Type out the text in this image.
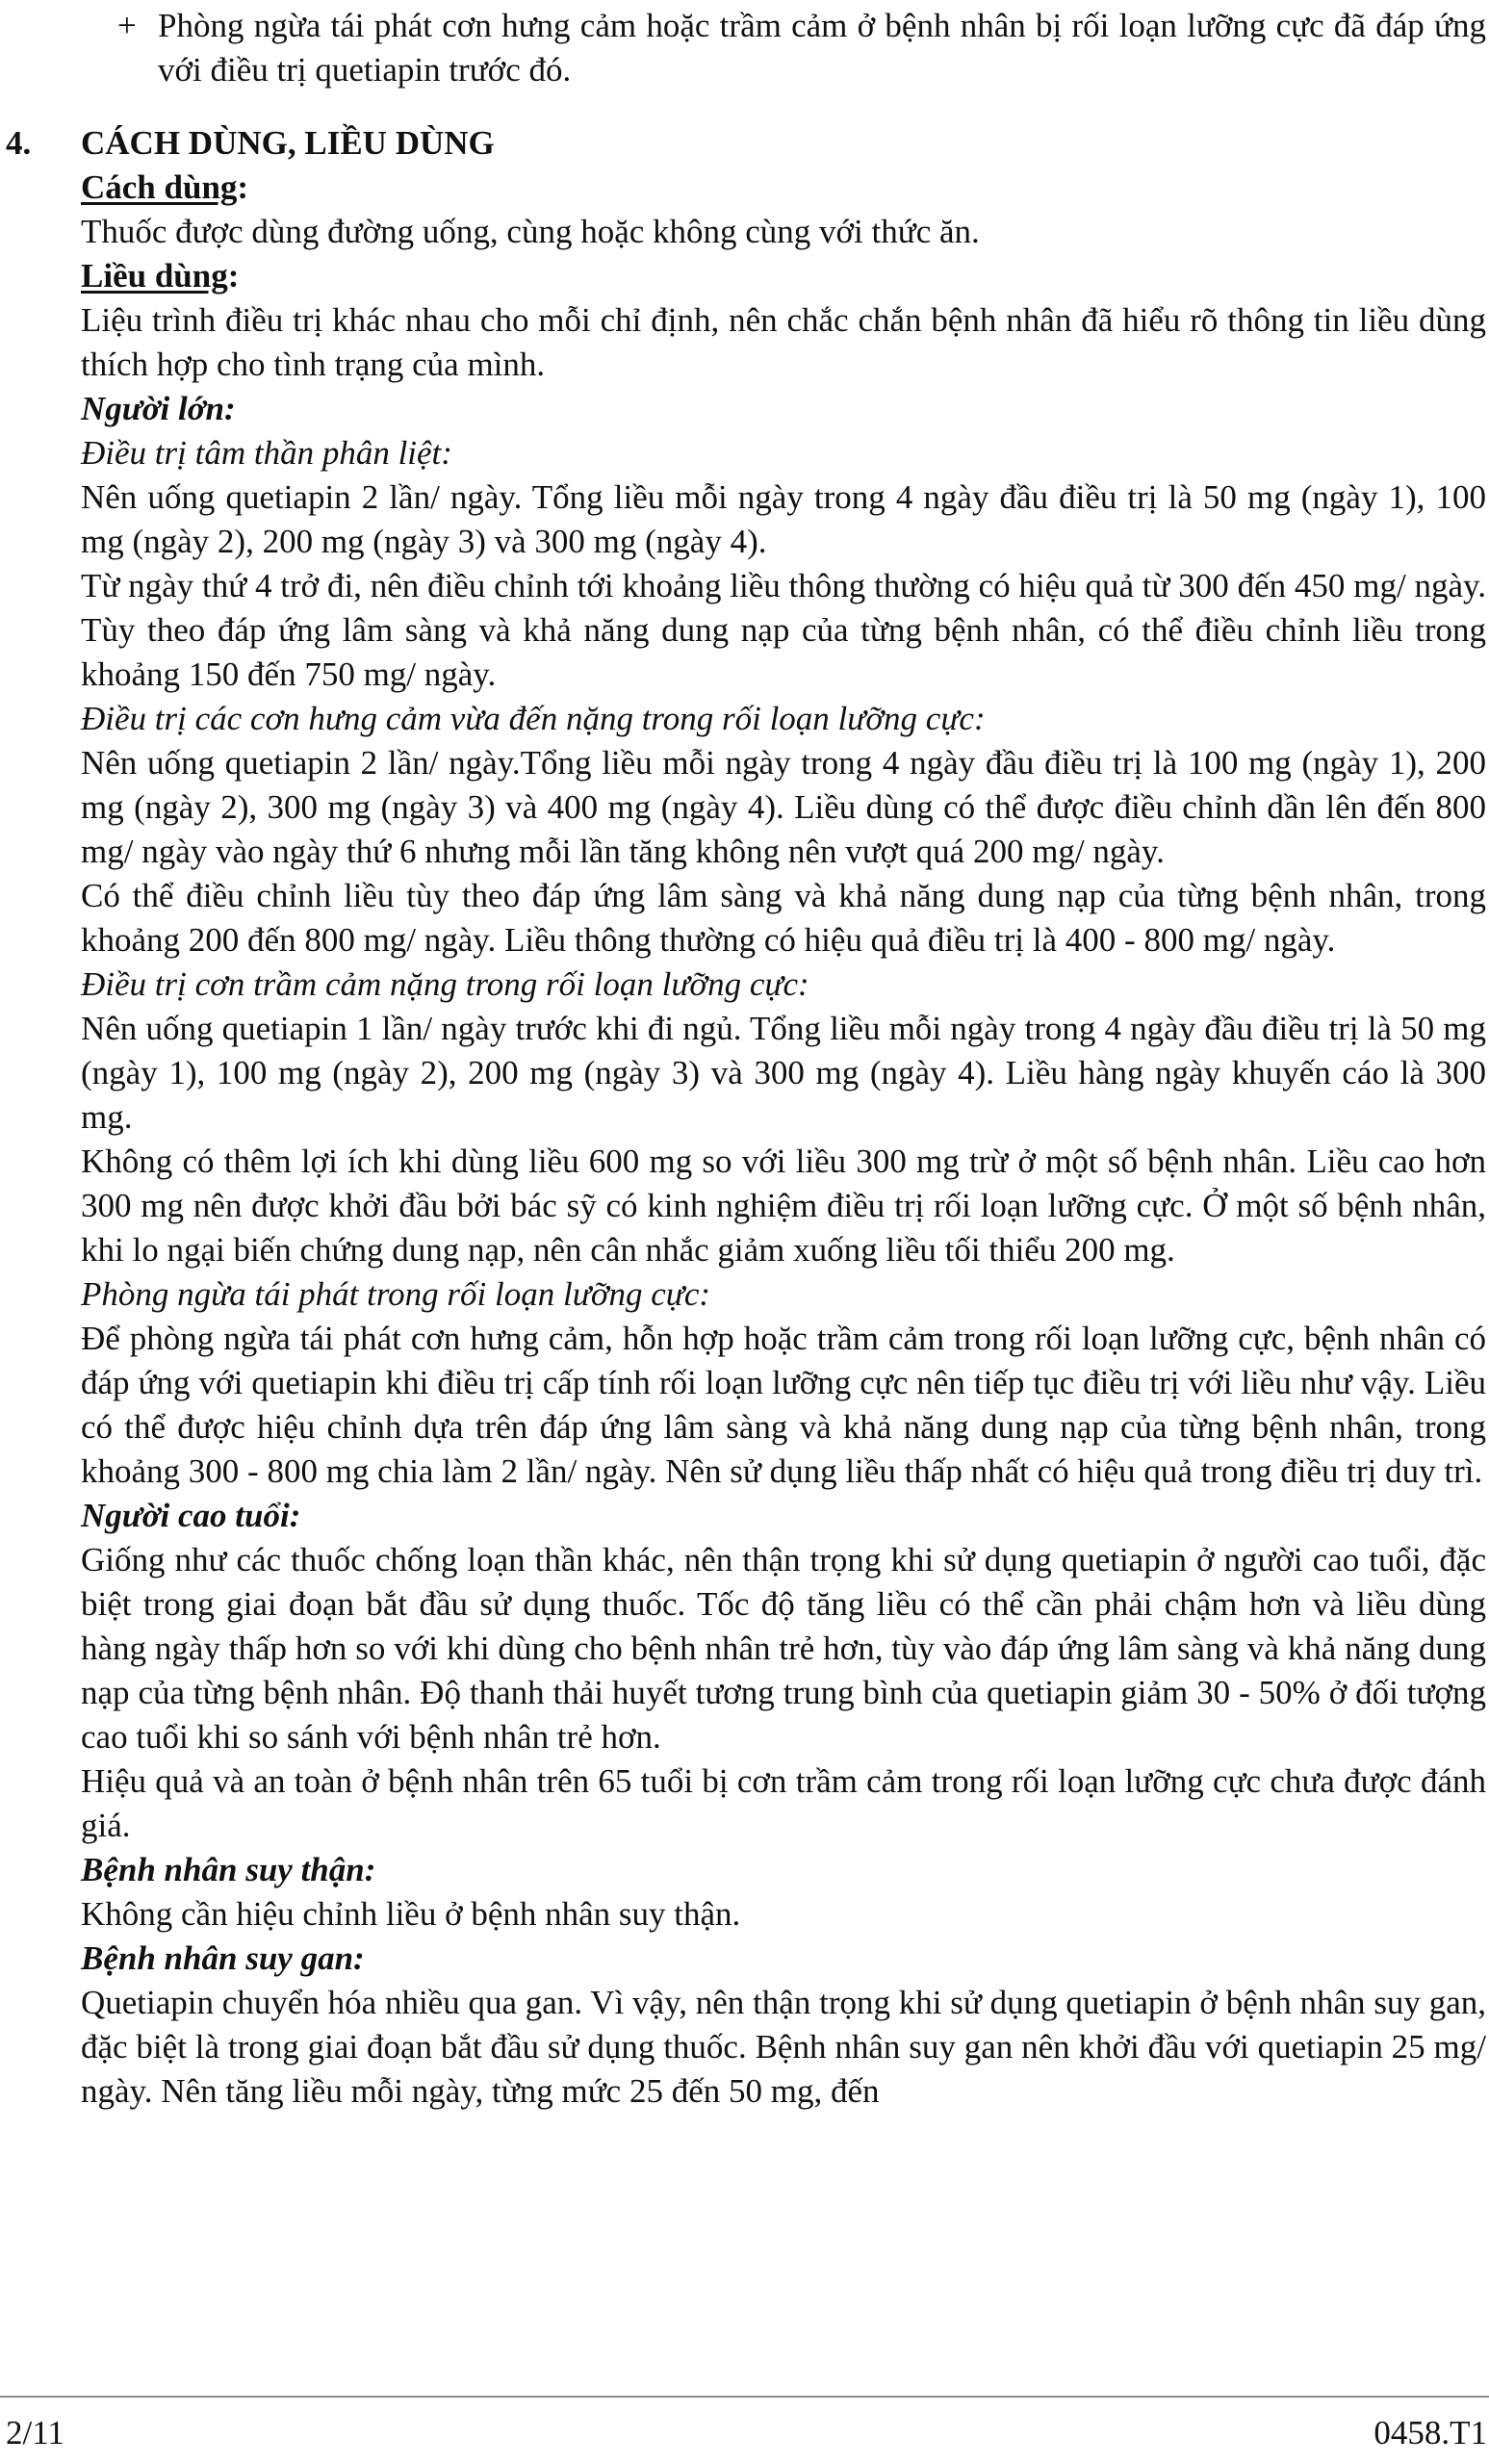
+ Phòng ngừa tái phát cơn hưng cảm hoặc trầm cảm ở bệnh nhân bị rối loạn lưỡng cực đã đáp ứng với điều trị quetiapin trước đó.

4. CÁCH DÙNG, LIỀU DÙNG

Cách dùng:

Thuốc được dùng đường uống, cùng hoặc không cùng với thức ăn.

Liều dùng:

Liệu trình điều trị khác nhau cho mỗi chỉ định, nên chắc chắn bệnh nhân đã hiểu rõ thông tin liều dùng thích hợp cho tình trạng của mình.

Người lớn:

Điều trị tâm thần phân liệt:

Nên uống quetiapin 2 lần/ ngày. Tổng liều mỗi ngày trong 4 ngày đầu điều trị là 50 mg (ngày 1), 100 mg (ngày 2), 200 mg (ngày 3) và 300 mg (ngày 4).

Từ ngày thứ 4 trở đi, nên điều chỉnh tới khoảng liều thông thường có hiệu quả từ 300 đến 450 mg/ ngày. Tùy theo đáp ứng lâm sàng và khả năng dung nạp của từng bệnh nhân, có thể điều chỉnh liều trong khoảng 150 đến 750 mg/ ngày.

Điều trị các cơn hưng cảm vừa đến nặng trong rối loạn lưỡng cực:

Nên uống quetiapin 2 lần/ ngày.Tổng liều mỗi ngày trong 4 ngày đầu điều trị là 100 mg (ngày 1), 200 mg (ngày 2), 300 mg (ngày 3) và 400 mg (ngày 4). Liều dùng có thể được điều chỉnh dần lên đến 800 mg/ ngày vào ngày thứ 6 nhưng mỗi lần tăng không nên vượt quá 200 mg/ ngày.

Có thể điều chỉnh liều tùy theo đáp ứng lâm sàng và khả năng dung nạp của từng bệnh nhân, trong khoảng 200 đến 800 mg/ ngày. Liều thông thường có hiệu quả điều trị là 400 - 800 mg/ ngày.

Điều trị cơn trầm cảm nặng trong rối loạn lưỡng cực:

Nên uống quetiapin 1 lần/ ngày trước khi đi ngủ. Tổng liều mỗi ngày trong 4 ngày đầu điều trị là 50 mg (ngày 1), 100 mg (ngày 2), 200 mg (ngày 3) và 300 mg (ngày 4). Liều hàng ngày khuyến cáo là 300 mg.

Không có thêm lợi ích khi dùng liều 600 mg so với liều 300 mg trừ ở một số bệnh nhân. Liều cao hơn 300 mg nên được khởi đầu bởi bác sỹ có kinh nghiệm điều trị rối loạn lưỡng cực. Ở một số bệnh nhân, khi lo ngại biến chứng dung nạp, nên cân nhắc giảm xuống liều tối thiểu 200 mg.

Phòng ngừa tái phát trong rối loạn lưỡng cực:

Để phòng ngừa tái phát cơn hưng cảm, hỗn hợp hoặc trầm cảm trong rối loạn lưỡng cực, bệnh nhân có đáp ứng với quetiapin khi điều trị cấp tính rối loạn lưỡng cực nên tiếp tục điều trị với liều như vậy. Liều có thể được hiệu chỉnh dựa trên đáp ứng lâm sàng và khả năng dung nạp của từng bệnh nhân, trong khoảng 300 - 800 mg chia làm 2 lần/ ngày. Nên sử dụng liều thấp nhất có hiệu quả trong điều trị duy trì.

Người cao tuổi:

Giống như các thuốc chống loạn thần khác, nên thận trọng khi sử dụng quetiapin ở người cao tuổi, đặc biệt trong giai đoạn bắt đầu sử dụng thuốc. Tốc độ tăng liều có thể cần phải chậm hơn và liều dùng hàng ngày thấp hơn so với khi dùng cho bệnh nhân trẻ hơn, tùy vào đáp ứng lâm sàng và khả năng dung nạp của từng bệnh nhân. Độ thanh thải huyết tương trung bình của quetiapin giảm 30 - 50% ở đối tượng cao tuổi khi so sánh với bệnh nhân trẻ hơn.

Hiệu quả và an toàn ở bệnh nhân trên 65 tuổi bị cơn trầm cảm trong rối loạn lưỡng cực chưa được đánh giá.

Bệnh nhân suy thận:

Không cần hiệu chỉnh liều ở bệnh nhân suy thận.

Bệnh nhân suy gan:

Quetiapin chuyển hóa nhiều qua gan. Vì vậy, nên thận trọng khi sử dụng quetiapin ở bệnh nhân suy gan, đặc biệt là trong giai đoạn bắt đầu sử dụng thuốc. Bệnh nhân suy gan nên khởi đầu với quetiapin 25 mg/ ngày. Nên tăng liều mỗi ngày, từng mức 25 đến 50 mg, đến

2/11	0458.T1
